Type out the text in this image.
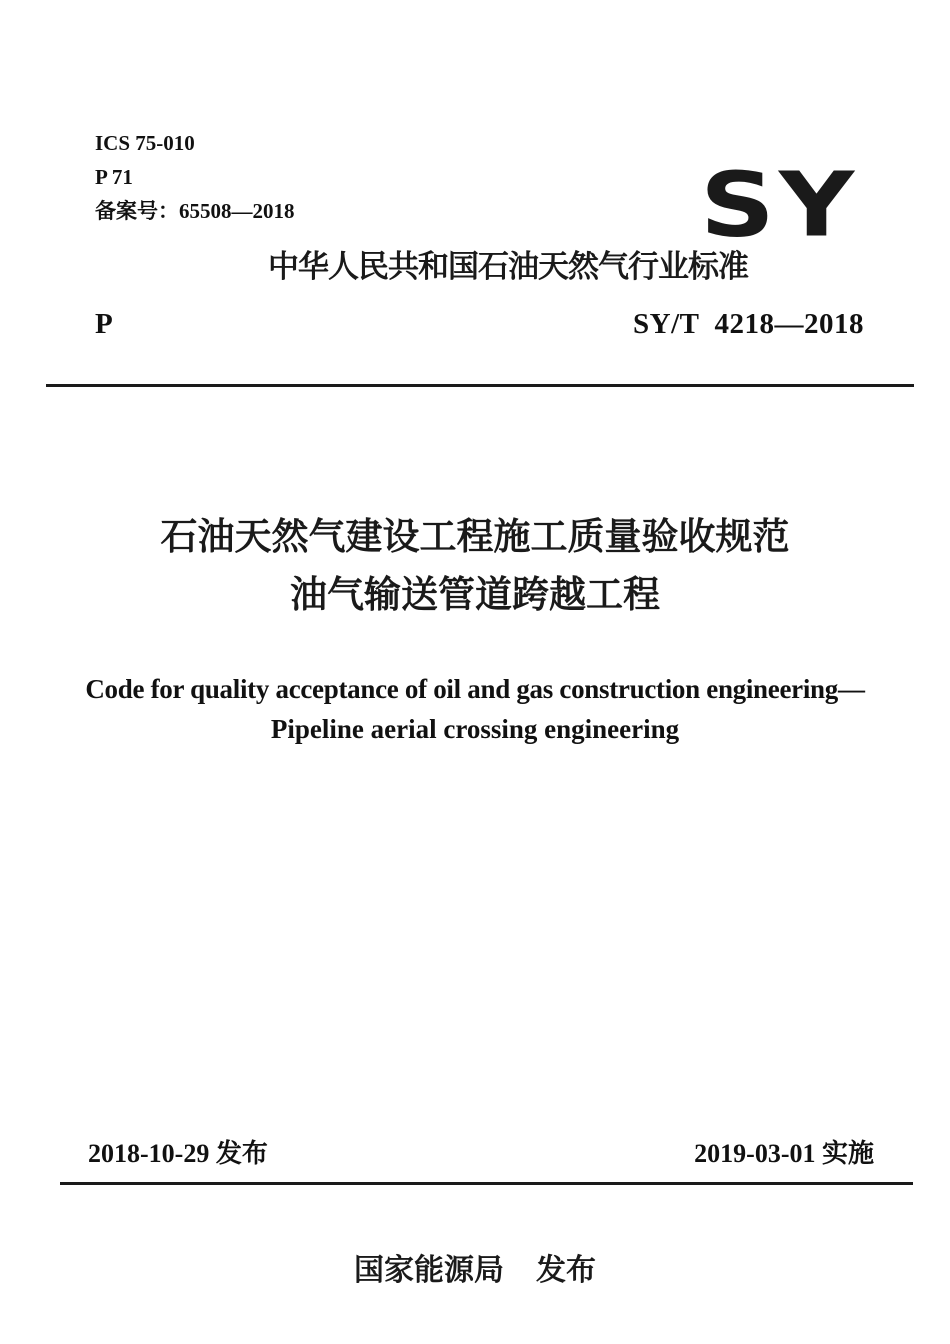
ICS 75-010
P 71
备案号：65508—2018	SY
中华人民共和国石油天然气行业标准
P	SY/T  4218—2018
石油天然气建设工程施工质量验收规范
油气输送管道跨越工程
Code for quality acceptance of oil and gas construction engineering—
Pipeline aerial crossing engineering
2018-10-29 发布	2019-03-01 实施
国家能源局 发布
